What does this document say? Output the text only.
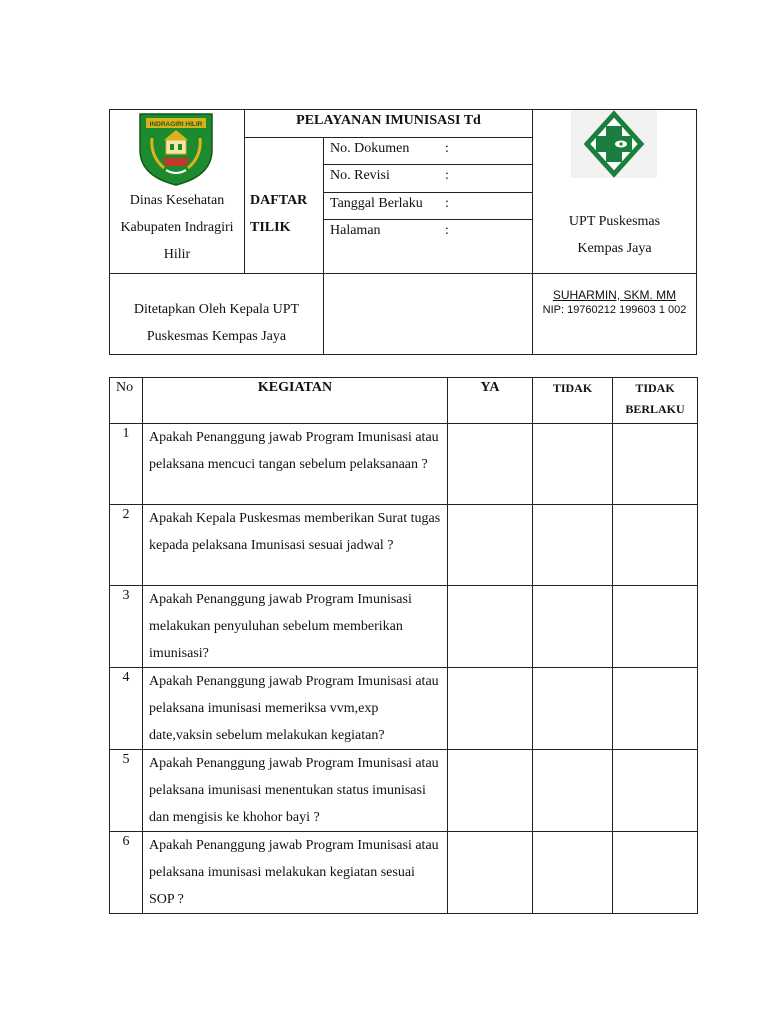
INDRAGIRI HILIR
Dinas Kesehatan
Kabupaten Indragiri
Hilir
DAFTAR
TILIK
PELAYANAN IMUNISASI Td
No. Dokumen	:
No. Revisi	:
Tanggal Berlaku :
Halaman	:
UPT Puskesmas
Kempas Jaya
Ditetapkan Oleh Kepala UPT
Puskesmas Kempas Jaya
SUHARMIN, SKM. MM
NIP: 19760212 199603 1 002
No	KEGIATAN	YA	TIDAK	TIDAK BERLAKU
1	Apakah Penanggung jawab Program Imunisasi atau pelaksana mencuci tangan sebelum pelaksanaan ?			
2	Apakah Kepala Puskesmas memberikan Surat tugas kepada pelaksana Imunisasi sesuai jadwal ?			
3	Apakah Penanggung jawab Program Imunisasi melakukan penyuluhan sebelum memberikan imunisasi?			
4	Apakah Penanggung jawab Program Imunisasi atau pelaksana imunisasi memeriksa vvm,exp date,vaksin sebelum melakukan kegiatan?			
5	Apakah Penanggung jawab Program Imunisasi atau pelaksana imunisasi menentukan status imunisasi dan mengisis ke khohor bayi ?			
6	Apakah Penanggung jawab Program Imunisasi atau pelaksana imunisasi melakukan kegiatan sesuai SOP ?			
